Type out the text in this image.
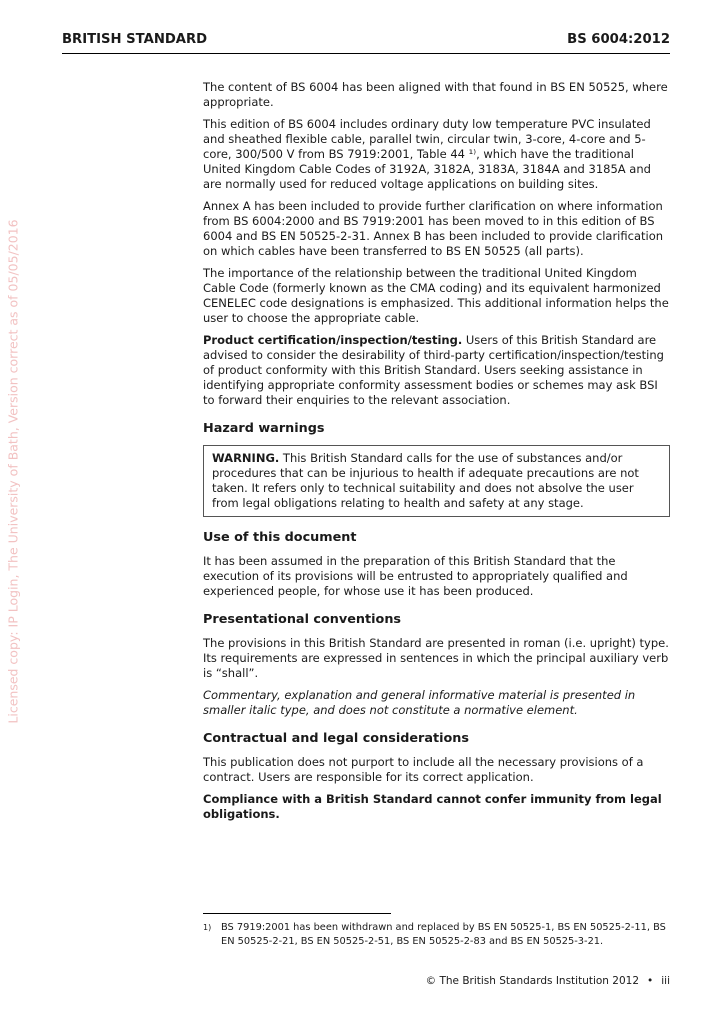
BRITISH STANDARD	BS 6004:2012
Licensed copy: IP Login, The University of Bath, Version correct as of 05/05/2016

The content of BS 6004 has been aligned with that found in BS EN 50525, where appropriate.

This edition of BS 6004 includes ordinary duty low temperature PVC insulated and sheathed flexible cable, parallel twin, circular twin, 3-core, 4-core and 5-core, 300/500 V from BS 7919:2001, Table 44 ¹⁾, which have the traditional United Kingdom Cable Codes of 3192A, 3182A, 3183A, 3184A and 3185A and are normally used for reduced voltage applications on building sites.

Annex A has been included to provide further clarification on where information from BS 6004:2000 and BS 7919:2001 has been moved to in this edition of BS 6004 and BS EN 50525-2-31. Annex B has been included to provide clarification on which cables have been transferred to BS EN 50525 (all parts).

The importance of the relationship between the traditional United Kingdom Cable Code (formerly known as the CMA coding) and its equivalent harmonized CENELEC code designations is emphasized. This additional information helps the user to choose the appropriate cable.

Product certification/inspection/testing. Users of this British Standard are advised to consider the desirability of third-party certification/inspection/testing of product conformity with this British Standard. Users seeking assistance in identifying appropriate conformity assessment bodies or schemes may ask BSI to forward their enquiries to the relevant association.

Hazard warnings

WARNING. This British Standard calls for the use of substances and/or procedures that can be injurious to health if adequate precautions are not taken. It refers only to technical suitability and does not absolve the user from legal obligations relating to health and safety at any stage.

Use of this document

It has been assumed in the preparation of this British Standard that the execution of its provisions will be entrusted to appropriately qualified and experienced people, for whose use it has been produced.

Presentational conventions

The provisions in this British Standard are presented in roman (i.e. upright) type. Its requirements are expressed in sentences in which the principal auxiliary verb is “shall”.

Commentary, explanation and general informative material is presented in smaller italic type, and does not constitute a normative element.

Contractual and legal considerations

This publication does not purport to include all the necessary provisions of a contract. Users are responsible for its correct application.

Compliance with a British Standard cannot confer immunity from legal obligations.

1) BS 7919:2001 has been withdrawn and replaced by BS EN 50525-1, BS EN 50525-2-11, BS EN 50525-2-21, BS EN 50525-2-51, BS EN 50525-2-83 and BS EN 50525-3-21.
© The British Standards Institution 2012 • iii
